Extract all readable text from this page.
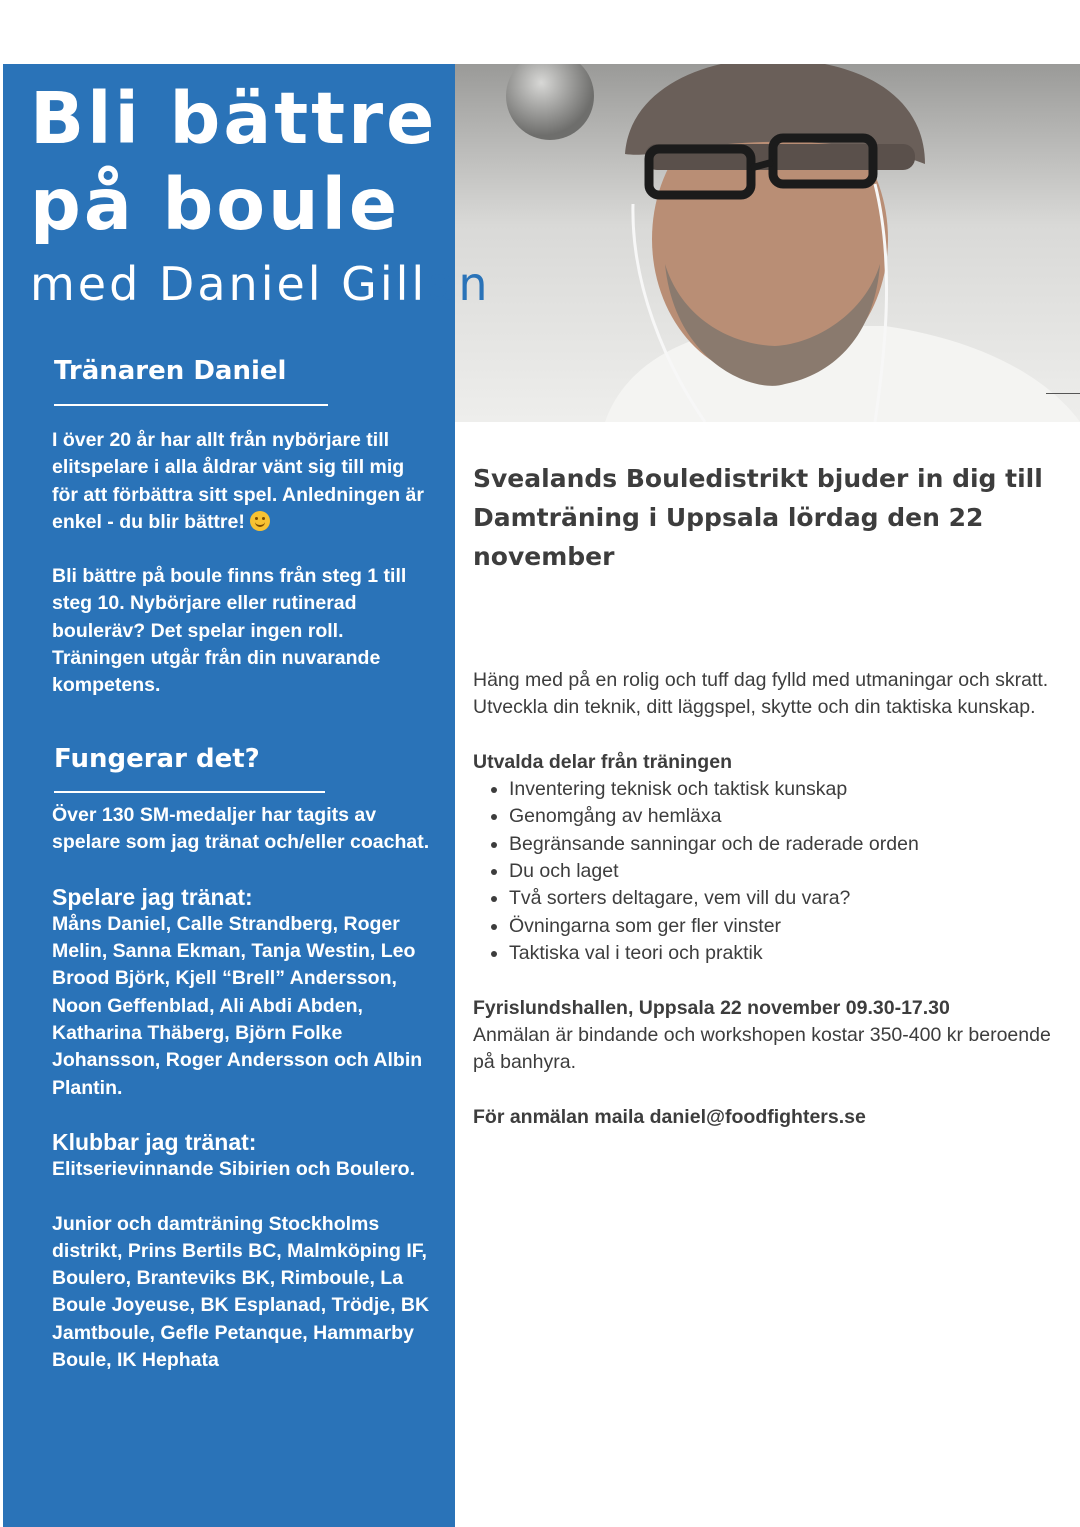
Bli bättre
på boule

med Daniel Gillan

Tränaren Daniel

I över 20 år har allt från nybörjare till elitspelare i alla åldrar vänt sig till mig för att förbättra sitt spel. Anledningen är enkel - du blir bättre!

Bli bättre på boule finns från steg 1 till steg 10. Nybörjare eller rutinerad bouleräv? Det spelar ingen roll. Träningen utgår från din nuvarande kompetens.

Fungerar det?

Över 130 SM-medaljer har tagits av spelare som jag tränat och/eller coachat.

Spelare jag tränat:

Måns Daniel, Calle Strandberg, Roger Melin, Sanna Ekman, Tanja Westin, Leo Brood Björk, Kjell “Brell” Andersson, Noon Geffenblad, Ali Abdi Abden, Katharina Thäberg, Björn Folke Johansson, Roger Andersson och Albin Plantin.

Klubbar jag tränat:

Elitserievinnande Sibirien och Boulero.

Junior och damträning Stockholms distrikt, Prins Bertils BC, Malmköping IF, Boulero, Branteviks BK, Rimboule, La Boule Joyeuse, BK Esplanad, Trödje, BK Jamtboule, Gefle Petanque, Hammarby Boule, IK Hephata

Svealands Bouledistrikt bjuder in dig till Damträning i Uppsala lördag den 22 november

Häng med på en rolig och tuff dag fylld med utmaningar och skratt. Utveckla din teknik, ditt läggspel, skytte och din taktiska kunskap.

Utvalda delar från träningen

• Inventering teknisk och taktisk kunskap
• Genomgång av hemläxa
• Begränsande sanningar och de raderade orden
• Du och laget
• Två sorters deltagare, vem vill du vara?
• Övningarna som ger fler vinster
• Taktiska val i teori och praktik

Fyrislundshallen, Uppsala 22 november 09.30-17.30

Anmälan är bindande och workshopen kostar 350-400 kr beroende på banhyra.

För anmälan maila daniel@foodfighters.se
